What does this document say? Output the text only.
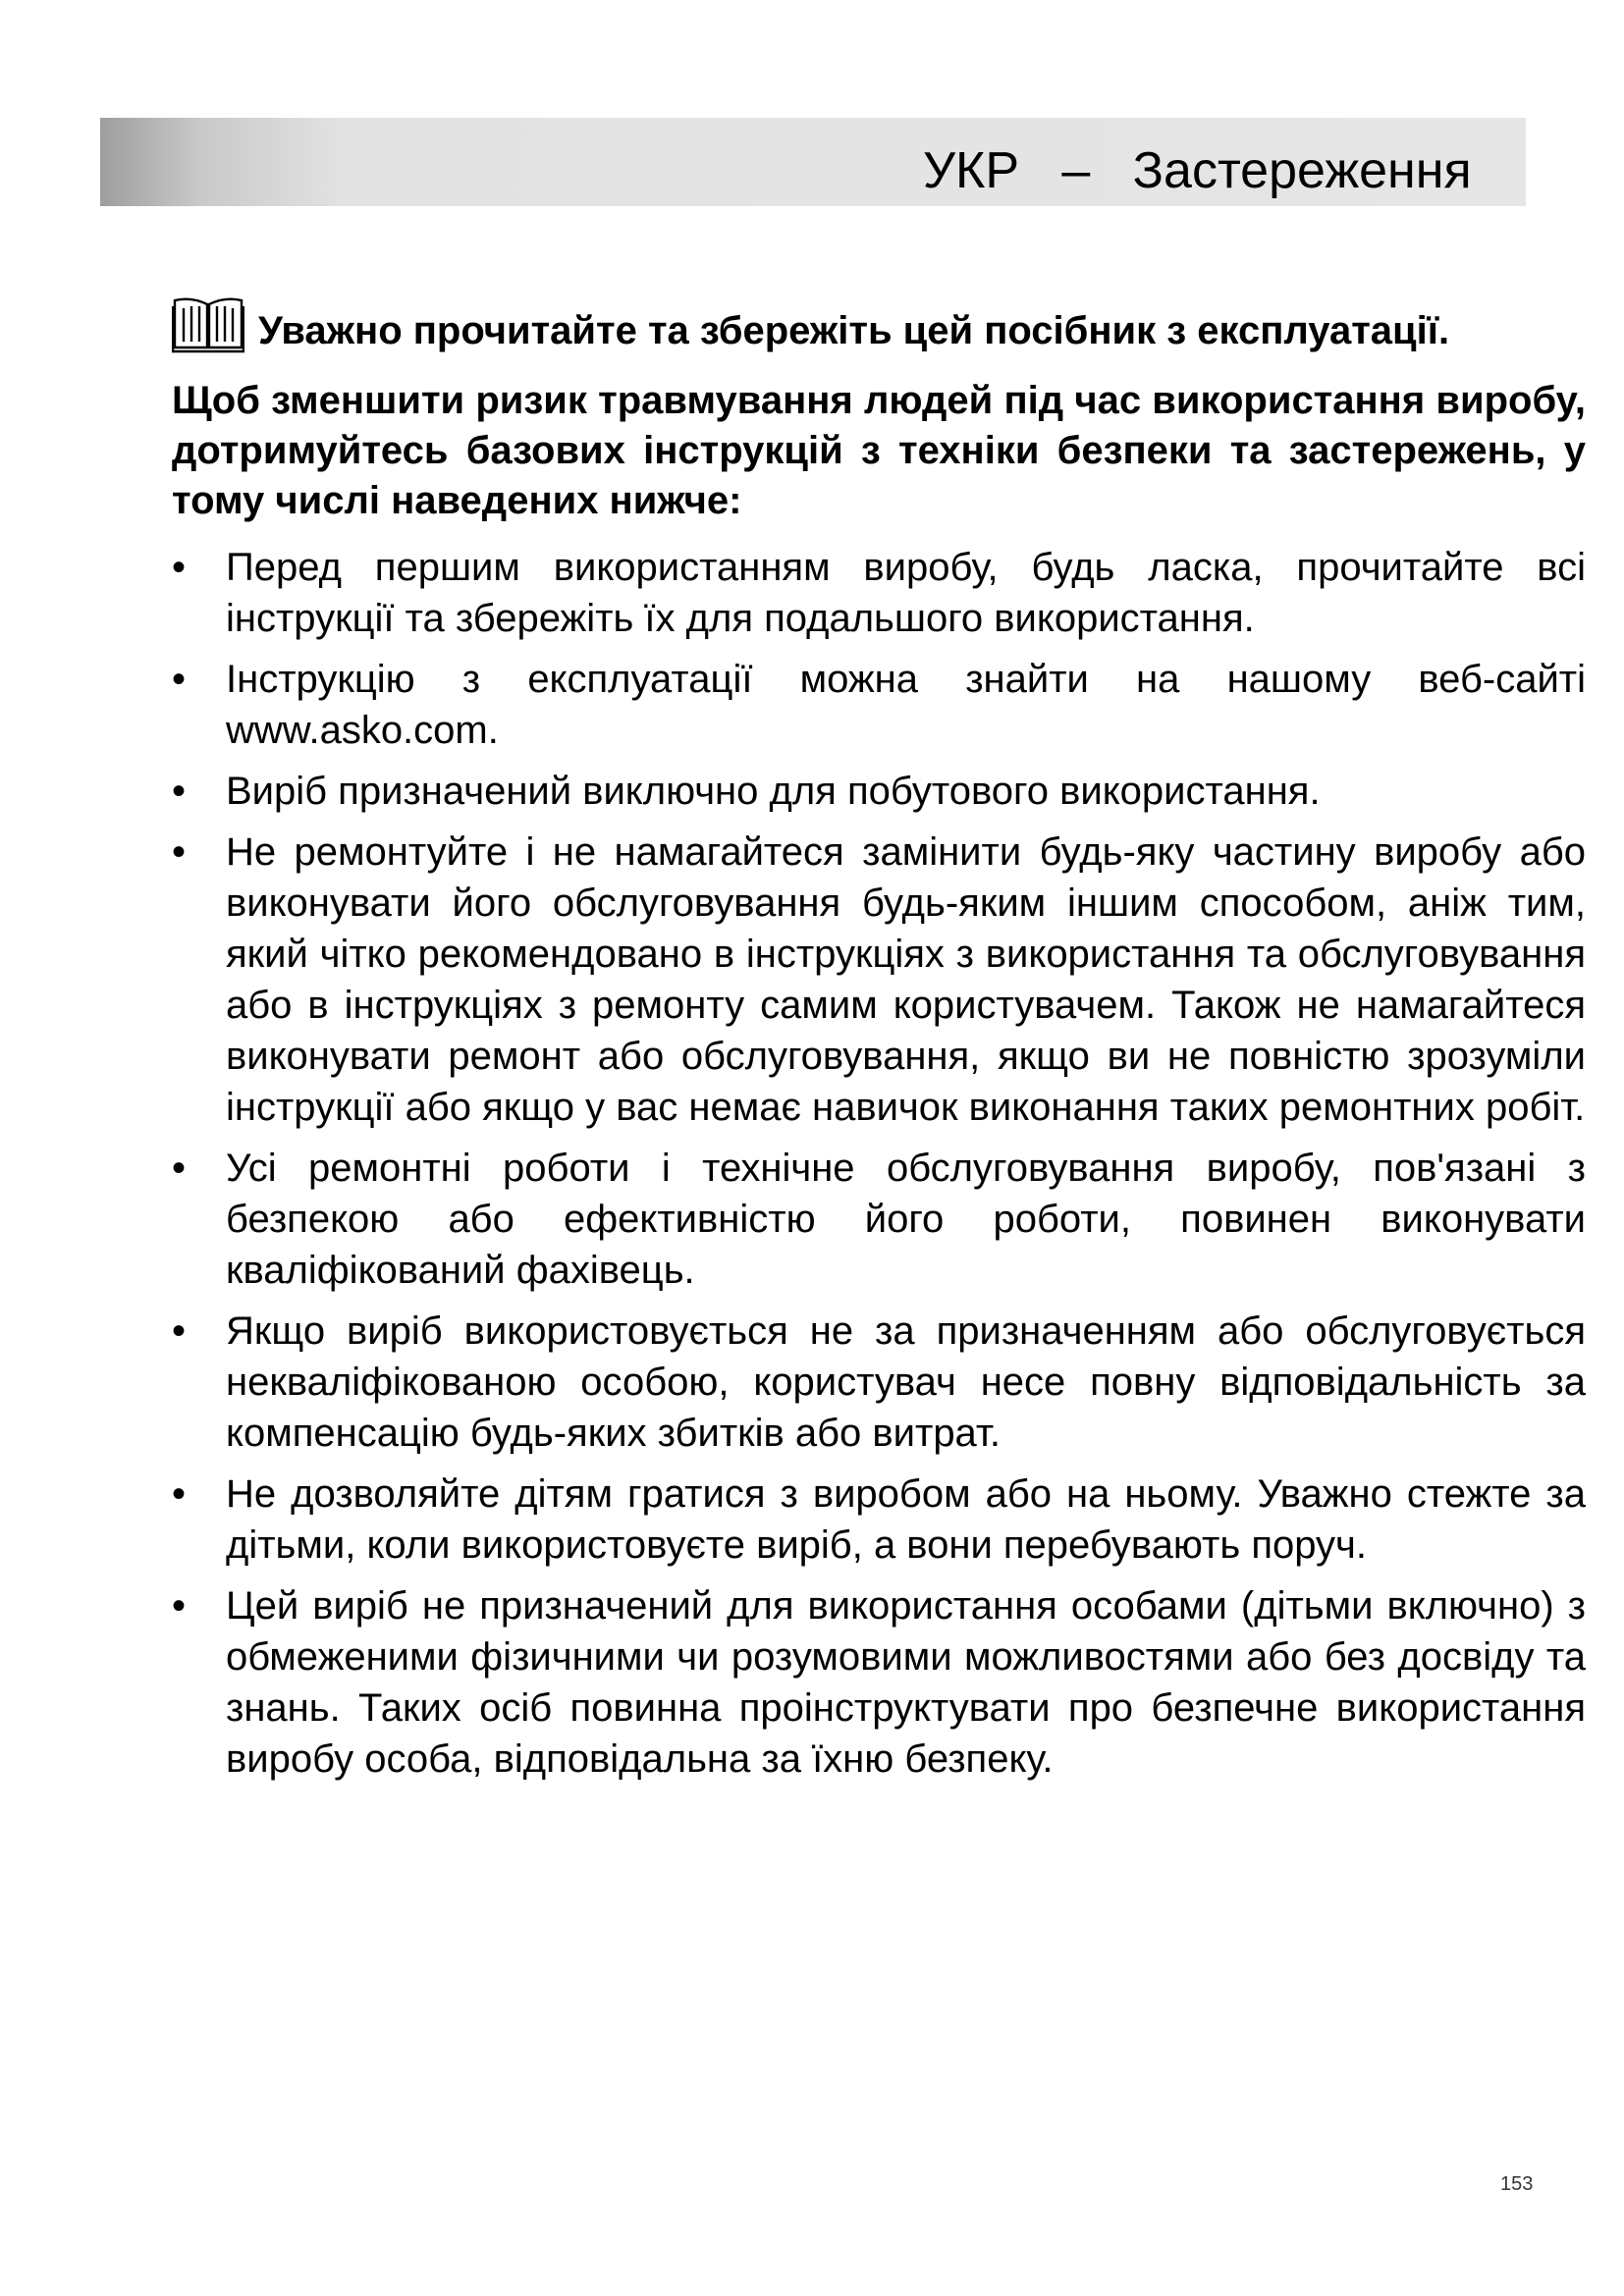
УКР   –   Застереження

Уважно прочитайте та збережіть цей посібник з експлуатації.

Щоб зменшити ризик травмування людей під час використання виробу, дотримуйтесь базових інструкцій з техніки безпеки та застережень, у тому числі наведених нижче:

•	Перед першим використанням виробу, будь ласка, прочитайте всі інструкції та збережіть їх для подальшого використання.
•	Інструкцію з експлуатації можна знайти на нашому веб-сайті www.asko.com.
•	Виріб призначений виключно для побутового використання.
•	Не ремонтуйте і не намагайтеся замінити будь-яку частину виробу або виконувати його обслуговування будь-яким іншим способом, аніж тим, який чітко рекомендовано в інструкціях з використання та обслуговування або в інструкціях з ремонту самим користувачем. Також не намагайтеся виконувати ремонт або обслуговування, якщо ви не повністю зрозуміли інструкції або якщо у вас немає навичок виконання таких ремонтних робіт.
•	Усі ремонтні роботи і технічне обслуговування виробу, пов'язані з безпекою або ефективністю його роботи, повинен виконувати кваліфікований фахівець.
•	Якщо виріб використовується не за призначенням або обслуговується некваліфікованою особою, користувач несе повну відповідальність за компенсацію будь-яких збитків або витрат.
•	Не дозволяйте дітям гратися з виробом або на ньому. Уважно стежте за дітьми, коли використовуєте виріб, а вони перебувають поруч.
•	Цей виріб не призначений для використання особами (дітьми включно) з обмеженими фізичними чи розумовими можливостями або без досвіду та знань. Таких осіб повинна проінструктувати про безпечне використання виробу особа, відповідальна за їхню безпеку.
153
